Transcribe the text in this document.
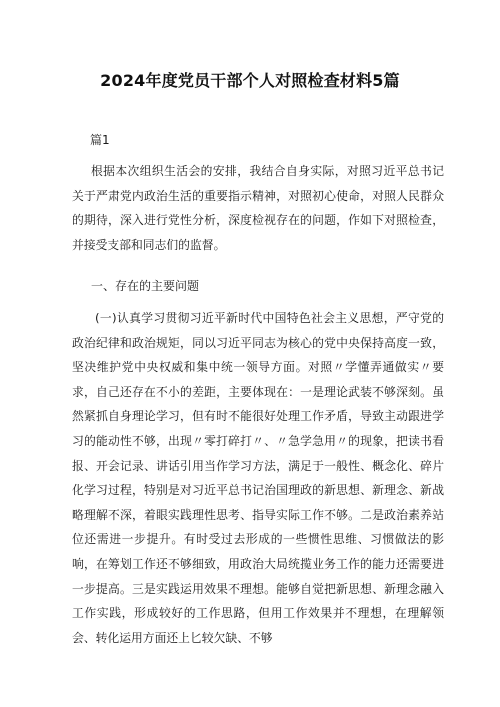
2024年度党员干部个人对照检查材料5篇
篇1

根据本次组织生活会的安排，我结合自身实际，对照习近平总书记关于严肃党内政治生活的重要指示精神，对照初心使命，对照人民群众的期待，深入进行党性分析，深度检视存在的问题，作如下对照检查，并接受支部和同志们的监督。

一、存在的主要问题

(一)认真学习贯彻习近平新时代中国特色社会主义思想，严守党的政治纪律和政治规矩，同以习近平同志为核心的党中央保持高度一致，坚决维护党中央权威和集中统一领导方面。对照〃学懂弄通做实〃要求，自己还存在不小的差距，主要体现在：一是理论武装不够深刻。虽然紧抓自身理论学习，但有时不能很好处理工作矛盾，导致主动跟进学习的能动性不够，出现〃零打碎打〃、〃急学急用〃的现象，把读书看报、开会记录、讲话引用当作学习方法，满足于一般性、概念化、碎片化学习过程，特别是对习近平总书记治国理政的新思想、新理念、新战略理解不深，着眼实践理性思考、指导实际工作不够。二是政治素养站位还需进一步提升。有时受过去形成的一些惯性思维、习惯做法的影响，在筹划工作还不够细致，用政治大局统揽业务工作的能力还需要进一步提高。三是实践运用效果不理想。能够自觉把新思想、新理念融入工作实践，形成较好的工作思路，但用工作效果并不理想，在理解领会、转化运用方面还上匕较欠缺、不够
